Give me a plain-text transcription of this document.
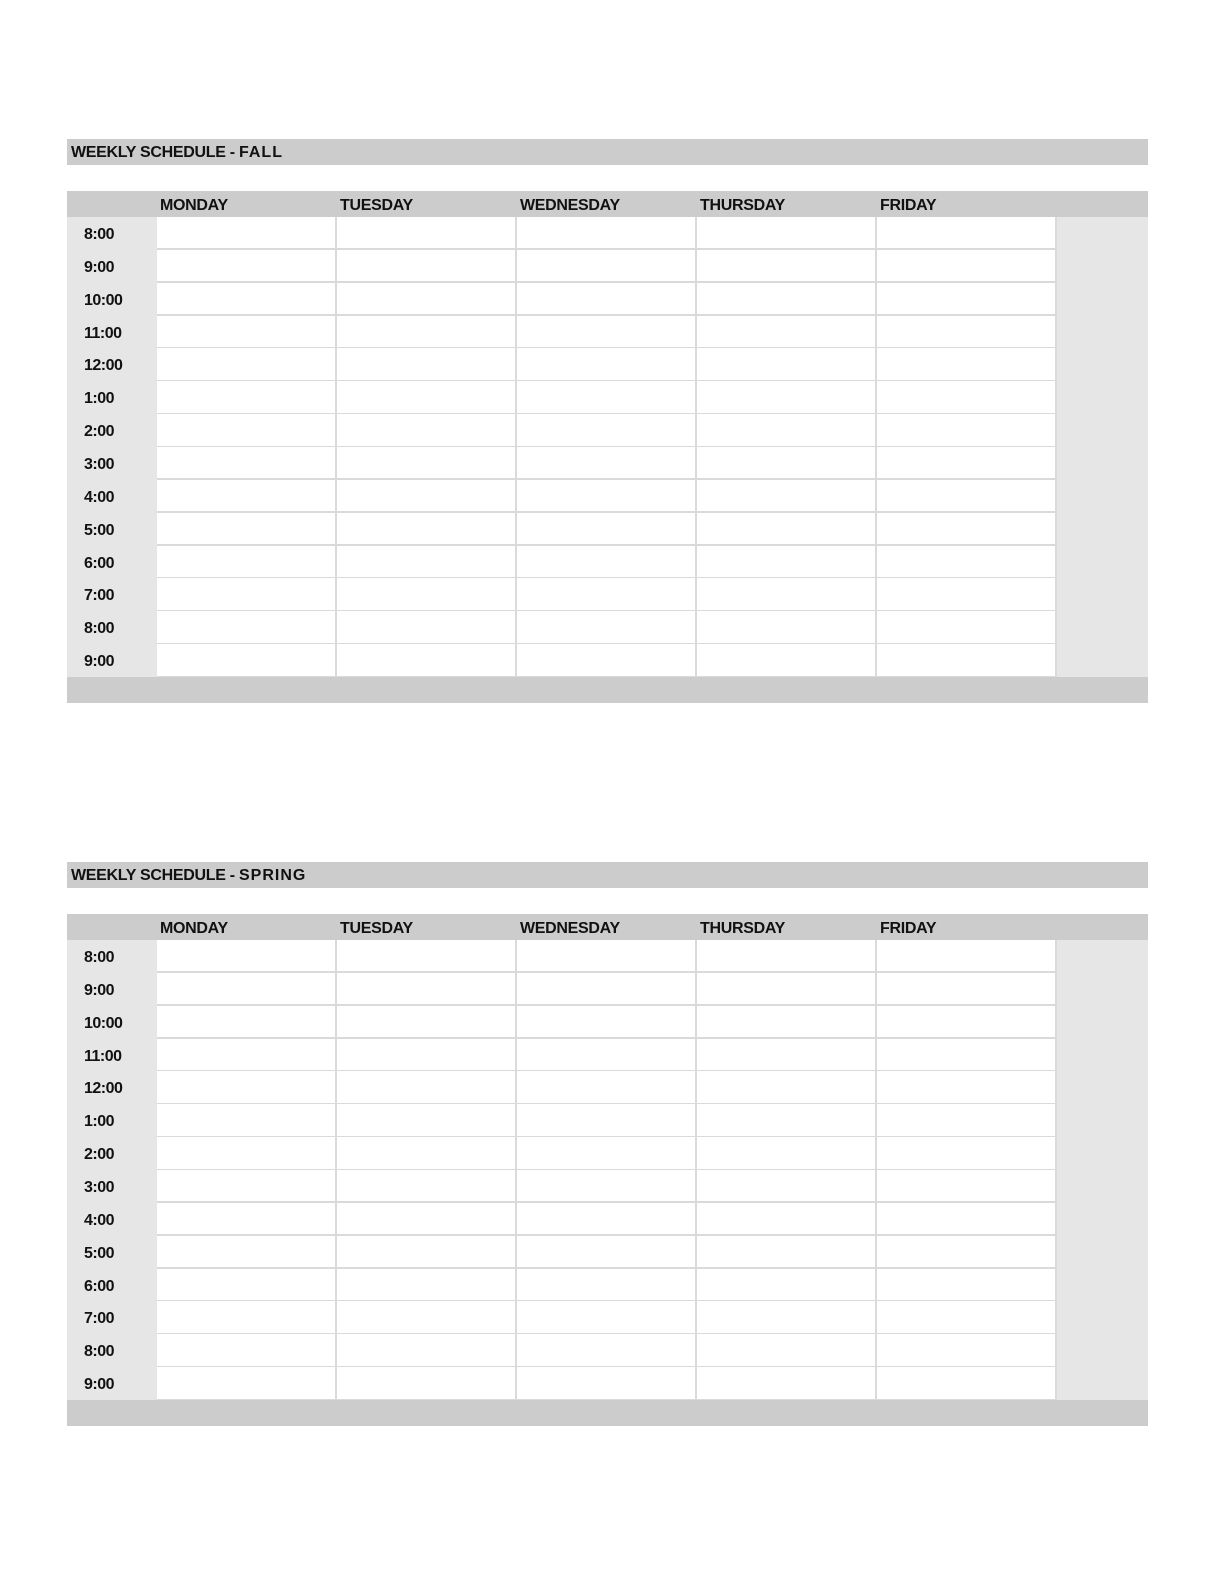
WEEKLY SCHEDULE - FALL
MONDAY	TUESDAY	WEDNESDAY	THURSDAY	FRIDAY
8:00
9:00
10:00
11:00
12:00
1:00
2:00
3:00
4:00
5:00
6:00
7:00
8:00
9:00
WEEKLY SCHEDULE - SPRING
MONDAY	TUESDAY	WEDNESDAY	THURSDAY	FRIDAY
8:00
9:00
10:00
11:00
12:00
1:00
2:00
3:00
4:00
5:00
6:00
7:00
8:00
9:00
